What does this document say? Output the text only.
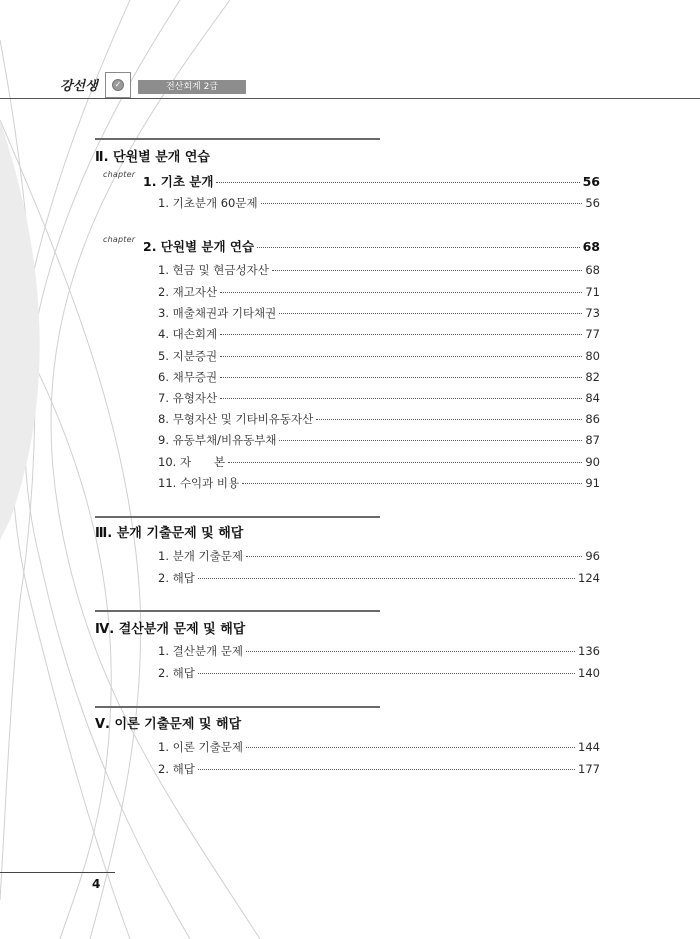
강선생	✓	전산회계 2급
Ⅱ. 단원별 분개 연습
chapter 1. 기초 분개	56
1. 기초분개 60문제	56
chapter 2. 단원별 분개 연습	68
1. 현금 및 현금성자산	68
2. 재고자산	71
3. 매출채권과 기타채권	73
4. 대손회계	77
5. 지분증권	80
6. 채무증권	82
7. 유형자산	84
8. 무형자산 및 기타비유동자산	86
9. 유동부채/비유동부채	87
10. 자　　본	90
11. 수익과 비용	91
Ⅲ. 분개 기출문제 및 해답
1. 분개 기출문제	96
2. 해답	124
Ⅳ. 결산분개 문제 및 해답
1. 결산분개 문제	136
2. 해답	140
Ⅴ. 이론 기출문제 및 해답
1. 이론 기출문제	144
2. 해답	177
4
